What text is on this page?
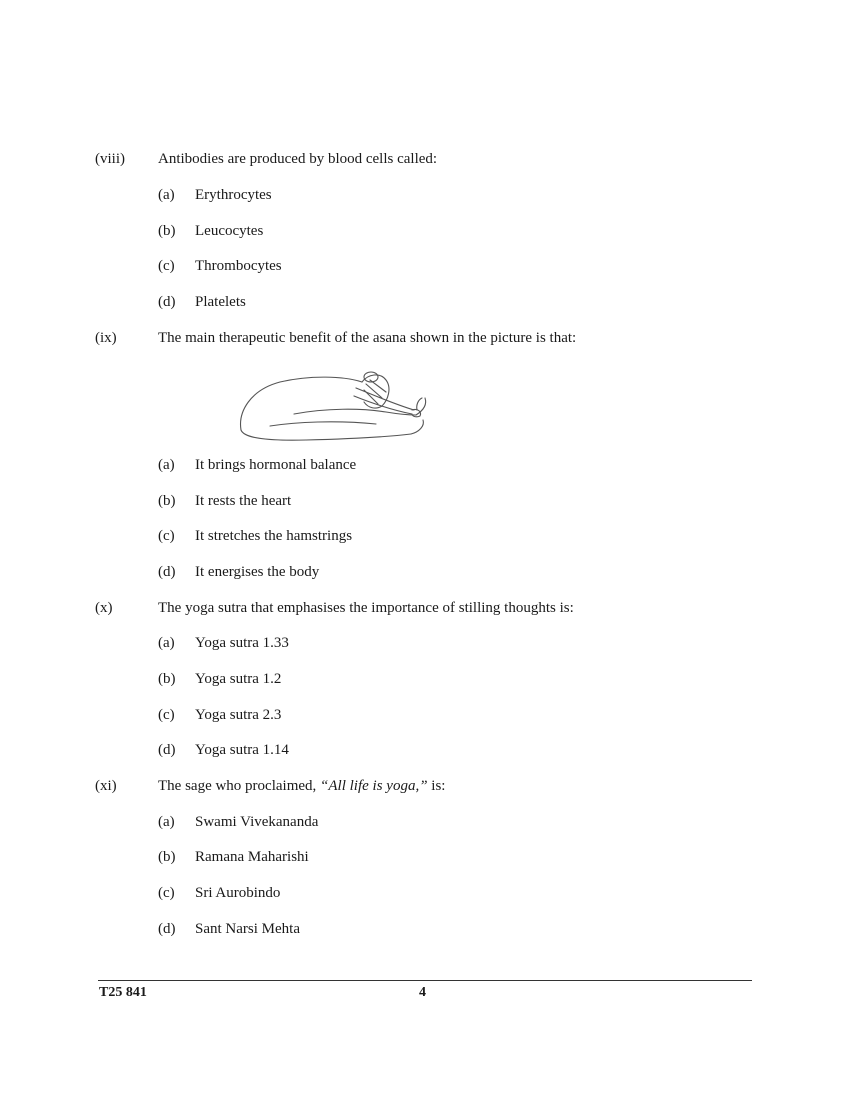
(viii) Antibodies are produced by blood cells called:
(a) Erythrocytes
(b) Leucocytes
(c) Thrombocytes
(d) Platelets
(ix)	The main therapeutic benefit of the asana shown in the picture is that:
(a) It brings hormonal balance
(b) It rests the heart
(c) It stretches the hamstrings
(d) It energises the body
(x)	The yoga sutra that emphasises the importance of stilling thoughts is:
(a) Yoga sutra 1.33
(b) Yoga sutra 1.2
(c) Yoga sutra 2.3
(d) Yoga sutra 1.14
(xi)	The sage who proclaimed, “All life is yoga,” is:
(a) Swami Vivekananda
(b) Ramana Maharishi
(c) Sri Aurobindo
(d) Sant Narsi Mehta
T25 841	4
